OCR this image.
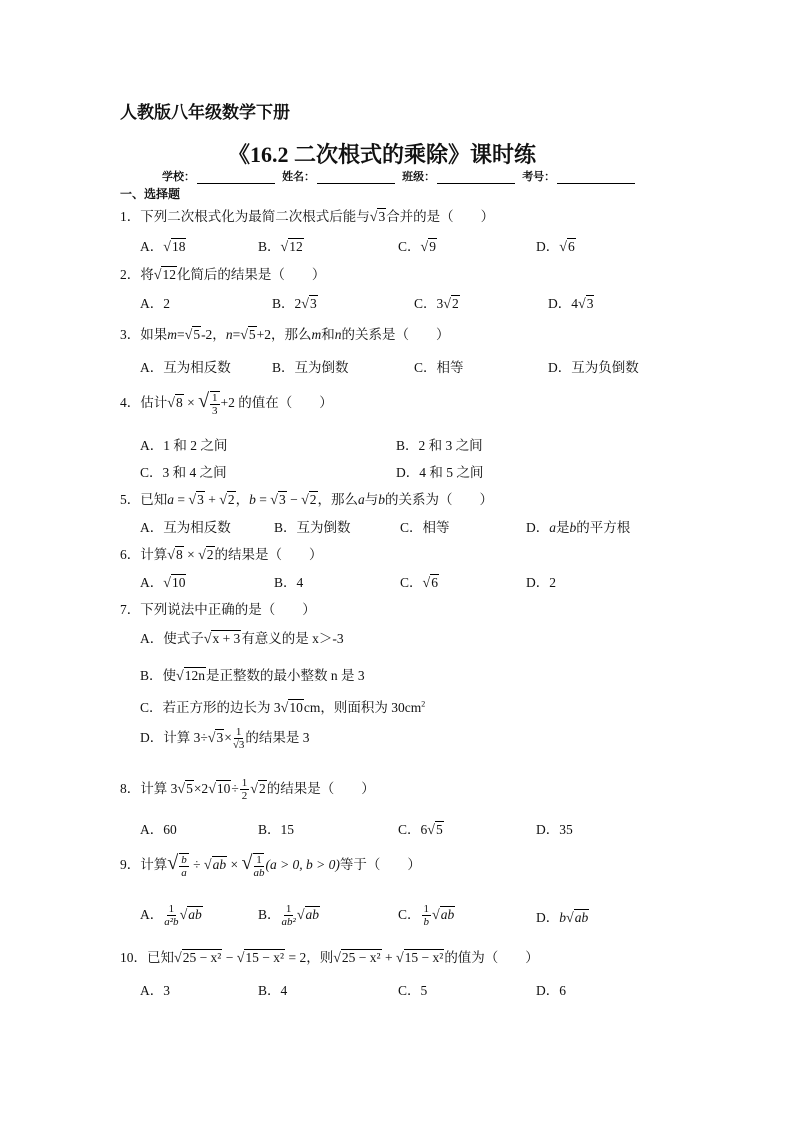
人教版八年级数学下册
《16.2 二次根式的乘除》课时练
学校：	姓名：	班级：	考号：
一、选择题
1．下列二次根式化为最简二次根式后能与√3合并的是（　　）
A．√18	B．√12	C．√9	D．√6
2．将√12化简后的结果是（　　）
A．2	B．2√3	C．3√2	D．4√3
3．如果m=√5-2，n=√5+2，那么m和n的关系是（　　）
A．互为相反数	B．互为倒数	C．相等	D．互为负倒数
4．估计√8 × √ $\frac{1}{3} +2$ 的值在（　　）
A．1 和 2 之间	B．2 和 3 之间
C．3 和 4 之间	D．4 和 5 之间
5．已知a = √3 + √2，b = √3 − √2，那么a与b的关系为（　　）
A．互为相反数	B．互为倒数	C．相等	D．a是b的平方根
6．计算√8 × √2的结果是（　　）
A．√10	B．4	C．√6	D．2
7．下列说法中正确的是（　　）
A．使式子√x + 3有意义的是 x＞-3
B．使√12n是正整数的最小整数 n 是 3
C．若正方形的边长为 3√10cm，则面积为 $30cm^2$
D．计算 $3\div√3\times \frac{1}{√3}$ 的结果是 3
8．计算 $3√5\times 2√10\div \frac{1}{2} √2$的结果是（　　）
A．60	B．15	C．6√5	D．35
9．计算√ $\frac{b}{a} \div √ab$ × √ $\frac{1}{ab} (a > 0$, b > 0)等于（　　）
A． $\frac{1}{\text{a²b}} √ab$	B． $\frac{1}{\text{ab²}} √ab$	C． $\frac{1}{b} √ab$	D．b√ab
10．已知√25 − x² − √15 − x² = 2，则√25 − x² + √15 − x²的值为（　　）
A．3	B．4	C．5	D．6
